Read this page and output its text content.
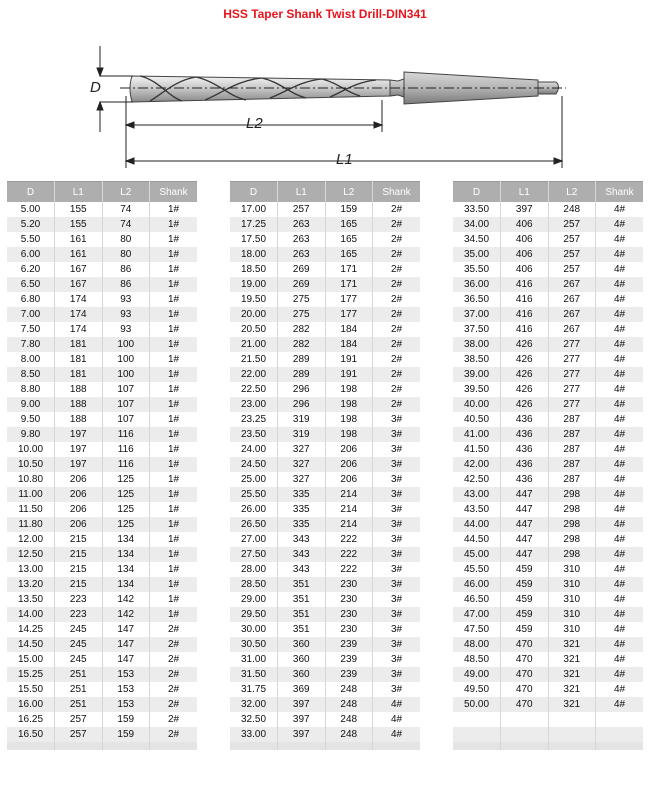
HSS Taper Shank Twist Drill-DIN341
D
L2
L1
D	L1	L2	Shank
5.00	155	74	1#
5.20	155	74	1#
5.50	161	80	1#
6.00	161	80	1#
6.20	167	86	1#
6.50	167	86	1#
6.80	174	93	1#
7.00	174	93	1#
7.50	174	93	1#
7.80	181	100	1#
8.00	181	100	1#
8.50	181	100	1#
8.80	188	107	1#
9.00	188	107	1#
9.50	188	107	1#
9.80	197	116	1#
10.00	197	116	1#
10.50	197	116	1#
10.80	206	125	1#
11.00	206	125	1#
11.50	206	125	1#
11.80	206	125	1#
12.00	215	134	1#
12.50	215	134	1#
13.00	215	134	1#
13.20	215	134	1#
13.50	223	142	1#
14.00	223	142	1#
14.25	245	147	2#
14.50	245	147	2#
15.00	245	147	2#
15.25	251	153	2#
15.50	251	153	2#
16.00	251	153	2#
16.25	257	159	2#
16.50	257	159	2#

D	L1	L2	Shank
17.00	257	159	2#
17.25	263	165	2#
17.50	263	165	2#
18.00	263	165	2#
18.50	269	171	2#
19.00	269	171	2#
19.50	275	177	2#
20.00	275	177	2#
20.50	282	184	2#
21.00	282	184	2#
21.50	289	191	2#
22.00	289	191	2#
22.50	296	198	2#
23.00	296	198	2#
23.25	319	198	3#
23.50	319	198	3#
24.00	327	206	3#
24.50	327	206	3#
25.00	327	206	3#
25.50	335	214	3#
26.00	335	214	3#
26.50	335	214	3#
27.00	343	222	3#
27.50	343	222	3#
28.00	343	222	3#
28.50	351	230	3#
29.00	351	230	3#
29.50	351	230	3#
30.00	351	230	3#
30.50	360	239	3#
31.00	360	239	3#
31.50	360	239	3#
31.75	369	248	3#
32.00	397	248	4#
32.50	397	248	4#
33.00	397	248	4#

D	L1	L2	Shank
33.50	397	248	4#
34.00	406	257	4#
34.50	406	257	4#
35.00	406	257	4#
35.50	406	257	4#
36.00	416	267	4#
36.50	416	267	4#
37.00	416	267	4#
37.50	416	267	4#
38.00	426	277	4#
38.50	426	277	4#
39.00	426	277	4#
39.50	426	277	4#
40.00	426	277	4#
40.50	436	287	4#
41.00	436	287	4#
41.50	436	287	4#
42.00	436	287	4#
42.50	436	287	4#
43.00	447	298	4#
43.50	447	298	4#
44.00	447	298	4#
44.50	447	298	4#
45.00	447	298	4#
45.50	459	310	4#
46.00	459	310	4#
46.50	459	310	4#
47.00	459	310	4#
47.50	459	310	4#
48.00	470	321	4#
48.50	470	321	4#
49.00	470	321	4#
49.50	470	321	4#
50.00	470	321	4#
